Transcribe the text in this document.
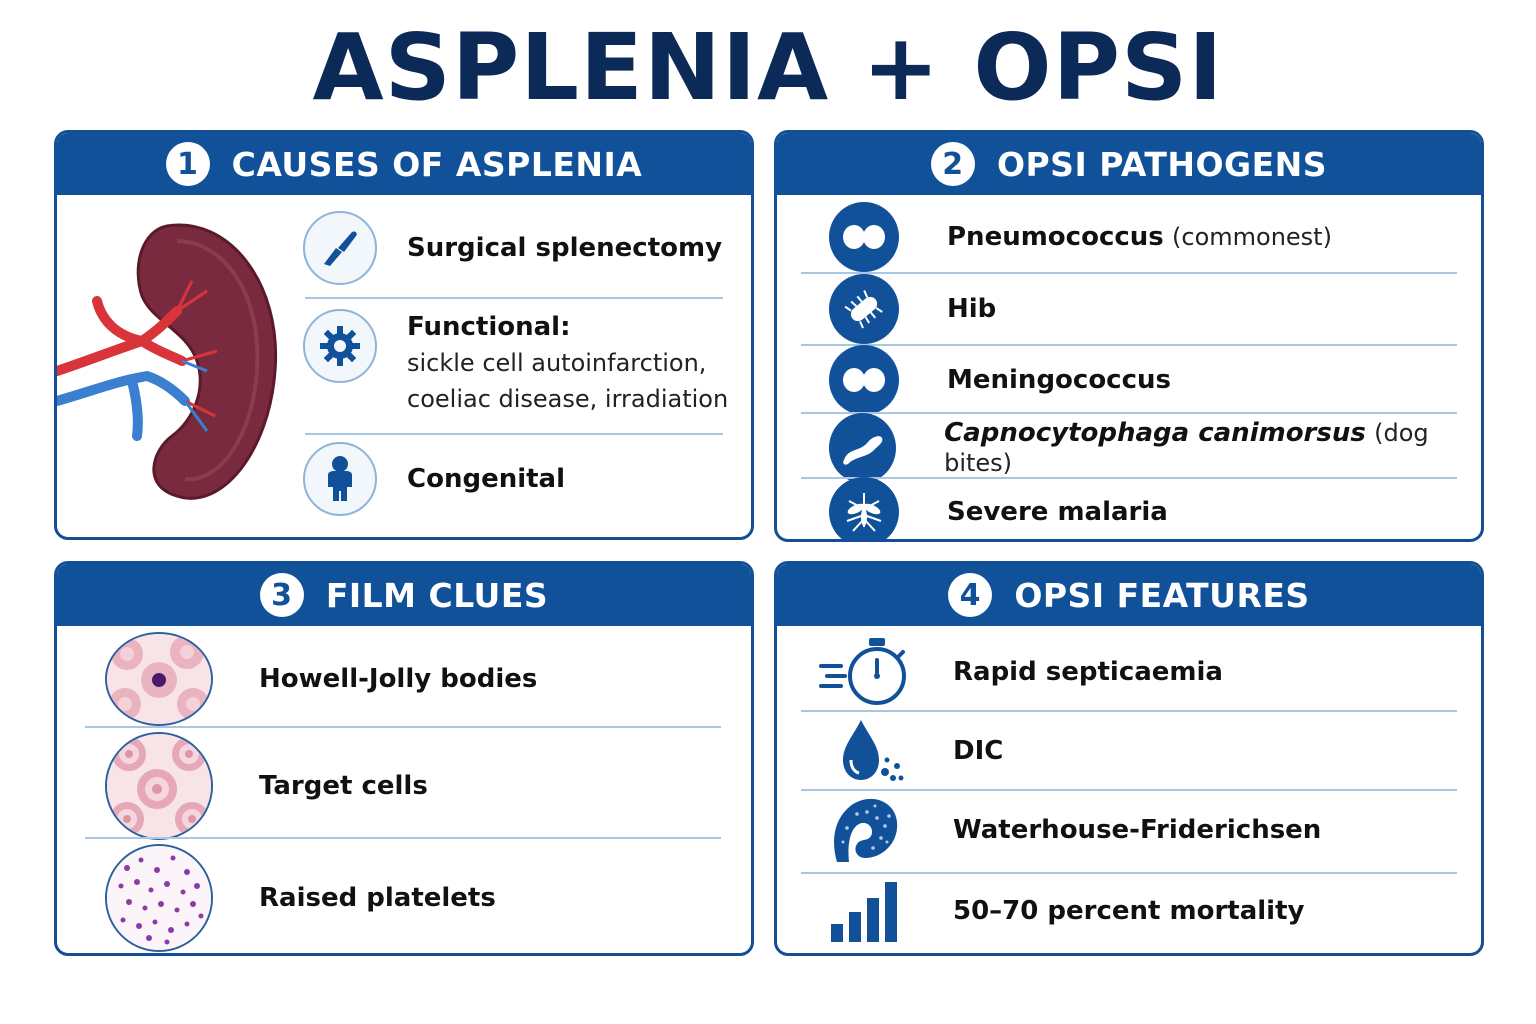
ASPLENIA + OPSI
1	CAUSES OF ASPLENIA
Surgical splenectomy
Functional:
sickle cell autoinfarction,
coeliac disease, irradiation
Congenital
2	OPSI PATHOGENS
Pneumococcus (commonest)
Hib
Meningococcus
Capnocytophaga canimorsus (dog bites)
Severe malaria
3	FILM CLUES
Howell-Jolly bodies
Target cells
Raised platelets
4	OPSI FEATURES
Rapid septicaemia
DIC
Waterhouse-Friderichsen
50–70 percent mortality
